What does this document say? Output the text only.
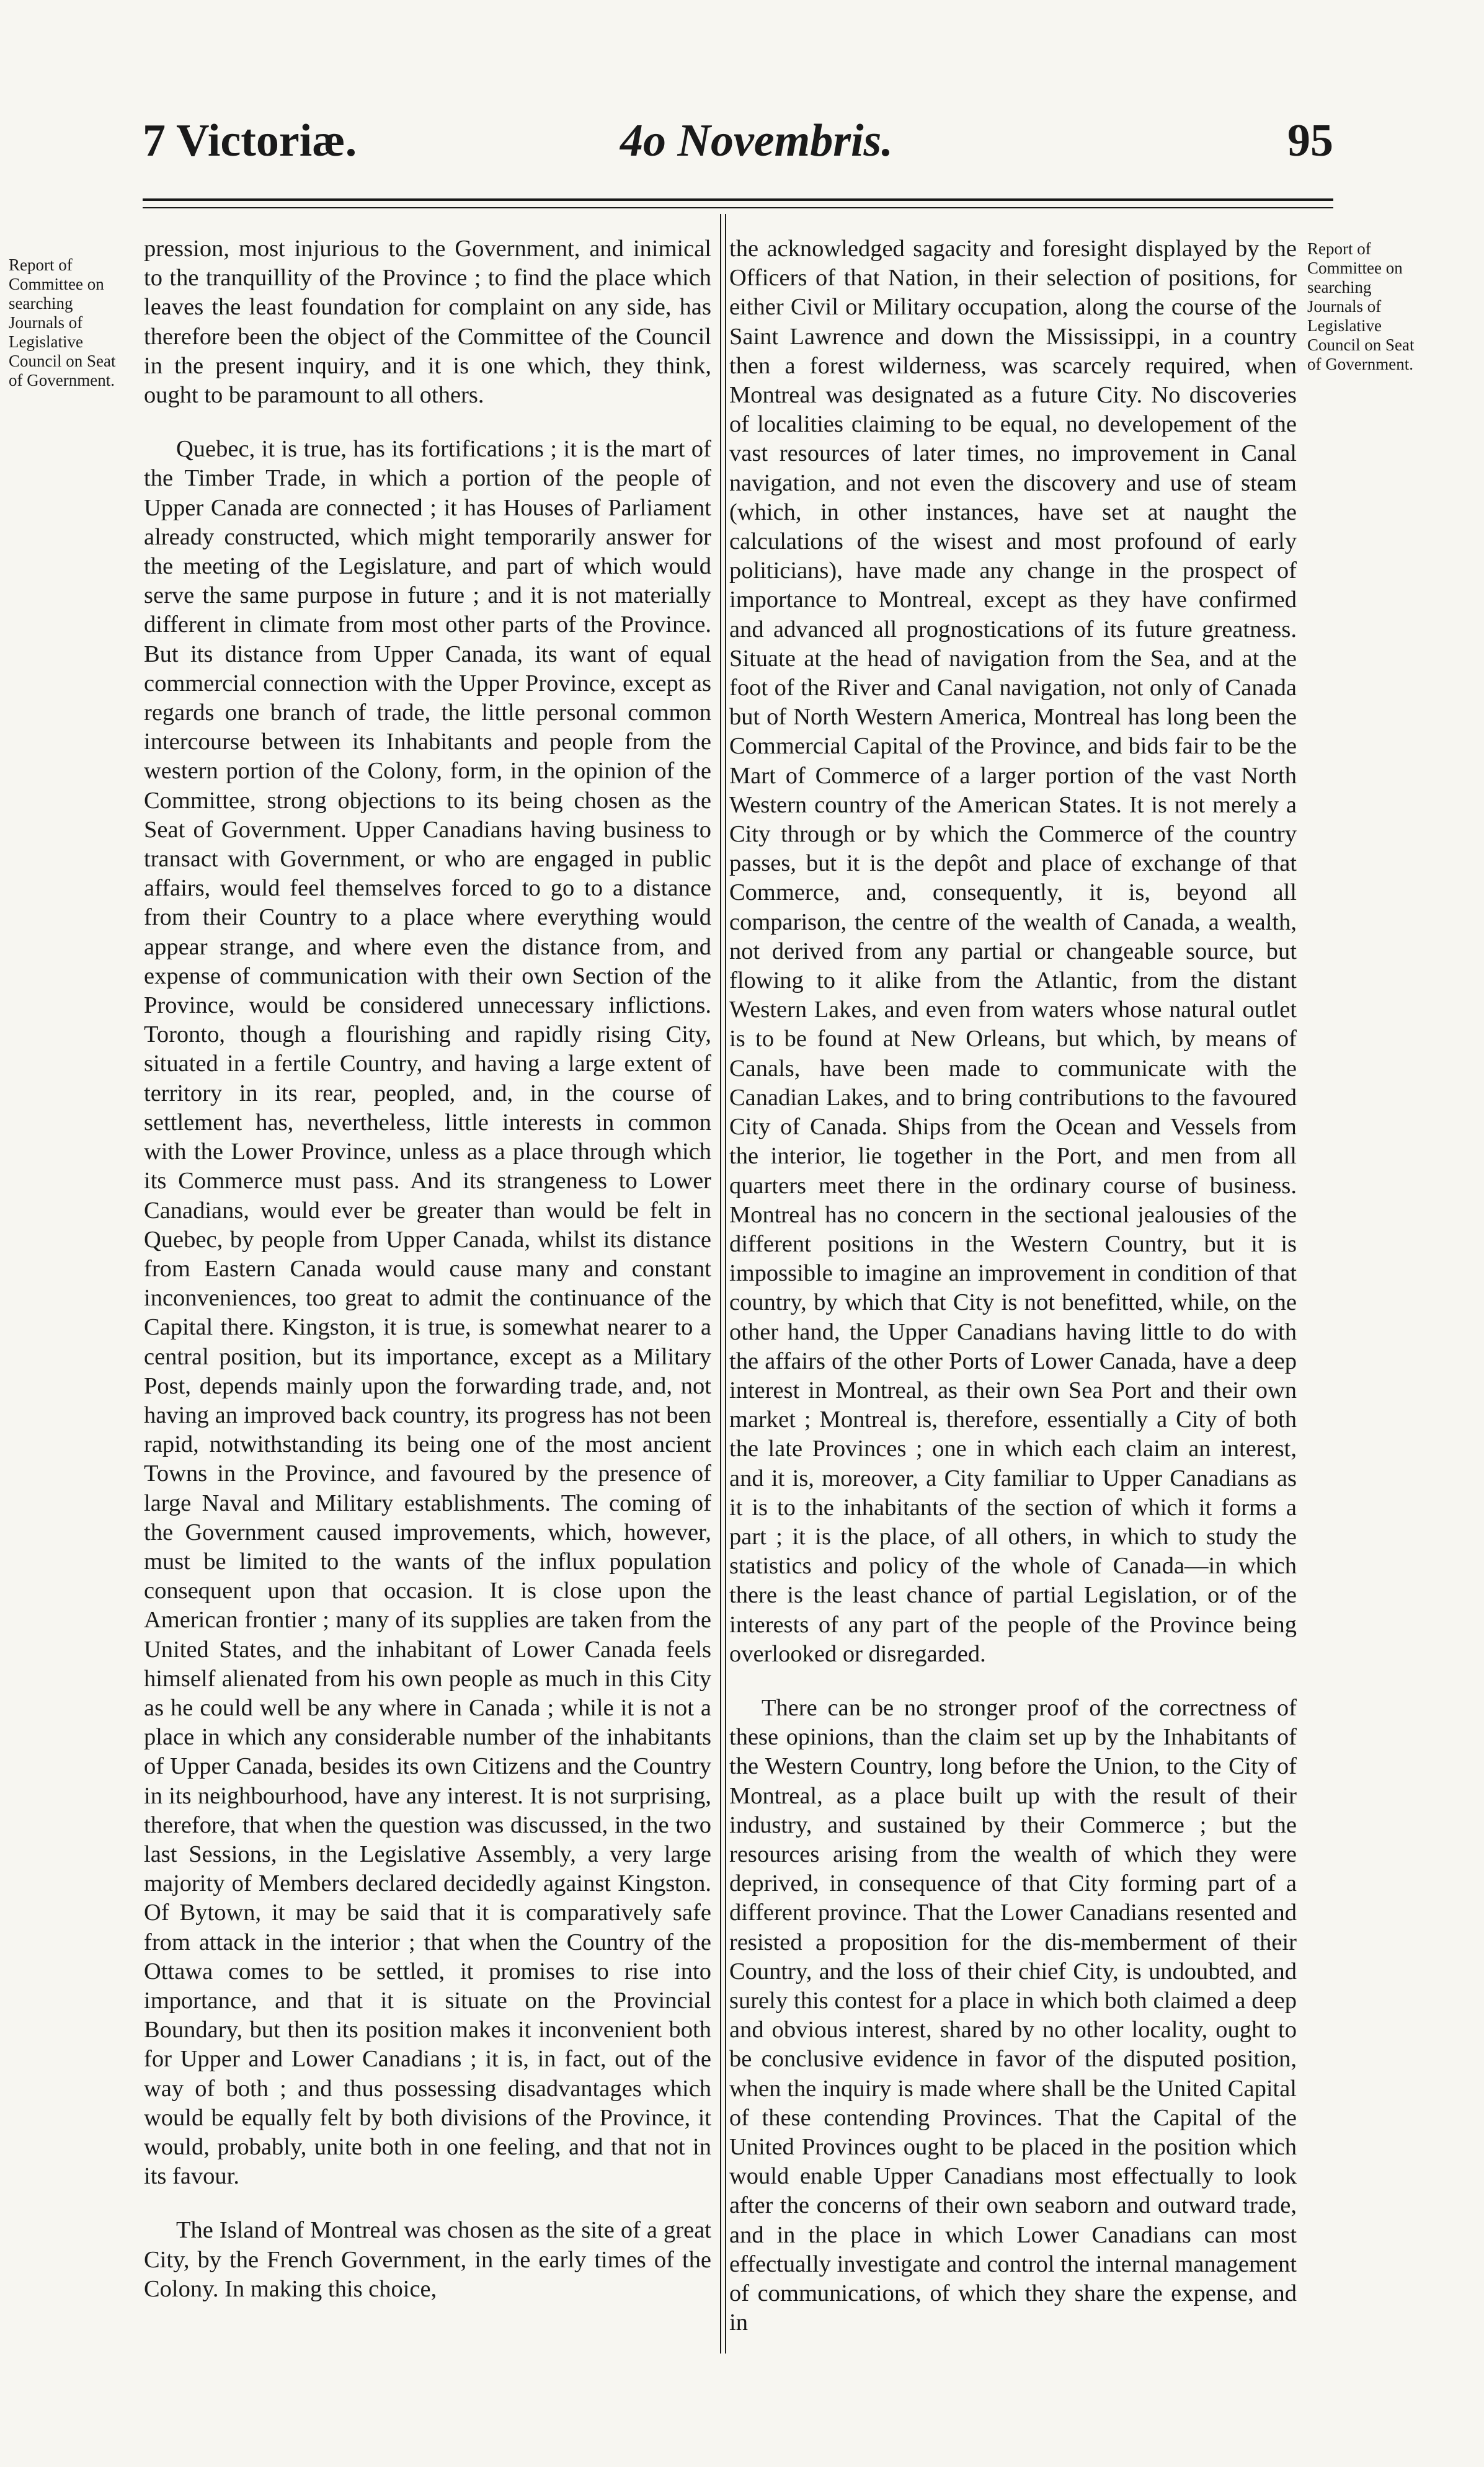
7 Victoriæ.	4o Novembris.	95
Report of Committee on searching Journals of Legislative Council on Seat of Government.
Report of Committee on searching Journals of Legislative Council on Seat of Government.

pression, most injurious to the Government, and inimical to the tranquillity of the Province ; to find the place which leaves the least foundation for complaint on any side, has therefore been the object of the Committee of the Council in the present inquiry, and it is one which, they think, ought to be paramount to all others.

Quebec, it is true, has its fortifications ; it is the mart of the Timber Trade, in which a portion of the people of Upper Canada are connected ; it has Houses of Parliament already constructed, which might temporarily answer for the meeting of the Legislature, and part of which would serve the same purpose in future ; and it is not materially different in climate from most other parts of the Province. But its distance from Upper Canada, its want of equal commercial connection with the Upper Province, except as regards one branch of trade, the little personal common intercourse between its Inhabitants and people from the western portion of the Colony, form, in the opinion of the Committee, strong objections to its being chosen as the Seat of Government. Upper Canadians having business to transact with Government, or who are engaged in public affairs, would feel themselves forced to go to a distance from their Country to a place where everything would appear strange, and where even the distance from, and expense of communication with their own Section of the Province, would be considered unnecessary inflictions. Toronto, though a flourishing and rapidly rising City, situated in a fertile Country, and having a large extent of territory in its rear, peopled, and, in the course of settlement has, nevertheless, little interests in common with the Lower Province, unless as a place through which its Commerce must pass. And its strangeness to Lower Canadians, would ever be greater than would be felt in Quebec, by people from Upper Canada, whilst its distance from Eastern Canada would cause many and constant inconveniences, too great to admit the continuance of the Capital there. Kingston, it is true, is somewhat nearer to a central position, but its importance, except as a Military Post, depends mainly upon the forwarding trade, and, not having an improved back country, its progress has not been rapid, notwithstanding its being one of the most ancient Towns in the Province, and favoured by the presence of large Naval and Military establishments. The coming of the Government caused improvements, which, however, must be limited to the wants of the influx population consequent upon that occasion. It is close upon the American frontier ; many of its supplies are taken from the United States, and the inhabitant of Lower Canada feels himself alienated from his own people as much in this City as he could well be any where in Canada ; while it is not a place in which any considerable number of the inhabitants of Upper Canada, besides its own Citizens and the Country in its neighbourhood, have any interest. It is not surprising, therefore, that when the question was discussed, in the two last Sessions, in the Legislative Assembly, a very large majority of Members declared decidedly against Kingston. Of Bytown, it may be said that it is comparatively safe from attack in the interior ; that when the Country of the Ottawa comes to be settled, it promises to rise into importance, and that it is situate on the Provincial Boundary, but then its position makes it inconvenient both for Upper and Lower Canadians ; it is, in fact, out of the way of both ; and thus possessing disadvantages which would be equally felt by both divisions of the Province, it would, probably, unite both in one feeling, and that not in its favour.

The Island of Montreal was chosen as the site of a great City, by the French Government, in the early times of the Colony. In making this choice,

the acknowledged sagacity and foresight displayed by the Officers of that Nation, in their selection of positions, for either Civil or Military occupation, along the course of the Saint Lawrence and down the Mississippi, in a country then a forest wilderness, was scarcely required, when Montreal was designated as a future City. No discoveries of localities claiming to be equal, no developement of the vast resources of later times, no improvement in Canal navigation, and not even the discovery and use of steam (which, in other instances, have set at naught the calculations of the wisest and most profound of early politicians), have made any change in the prospect of importance to Montreal, except as they have confirmed and advanced all prognostications of its future greatness. Situate at the head of navigation from the Sea, and at the foot of the River and Canal navigation, not only of Canada but of North Western America, Montreal has long been the Commercial Capital of the Province, and bids fair to be the Mart of Commerce of a larger portion of the vast North Western country of the American States. It is not merely a City through or by which the Commerce of the country passes, but it is the depôt and place of exchange of that Commerce, and, consequently, it is, beyond all comparison, the centre of the wealth of Canada, a wealth, not derived from any partial or changeable source, but flowing to it alike from the Atlantic, from the distant Western Lakes, and even from waters whose natural outlet is to be found at New Orleans, but which, by means of Canals, have been made to communicate with the Canadian Lakes, and to bring contributions to the favoured City of Canada. Ships from the Ocean and Vessels from the interior, lie together in the Port, and men from all quarters meet there in the ordinary course of business. Montreal has no concern in the sectional jealousies of the different positions in the Western Country, but it is impossible to imagine an improvement in condition of that country, by which that City is not benefitted, while, on the other hand, the Upper Canadians having little to do with the affairs of the other Ports of Lower Canada, have a deep interest in Montreal, as their own Sea Port and their own market ; Montreal is, therefore, essentially a City of both the late Provinces ; one in which each claim an interest, and it is, moreover, a City familiar to Upper Canadians as it is to the inhabitants of the section of which it forms a part ; it is the place, of all others, in which to study the statistics and policy of the whole of Canada—in which there is the least chance of partial Legislation, or of the interests of any part of the people of the Province being overlooked or disregarded.

There can be no stronger proof of the correctness of these opinions, than the claim set up by the Inhabitants of the Western Country, long before the Union, to the City of Montreal, as a place built up with the result of their industry, and sustained by their Commerce ; but the resources arising from the wealth of which they were deprived, in consequence of that City forming part of a different province. That the Lower Canadians resented and resisted a proposition for the dis-memberment of their Country, and the loss of their chief City, is undoubted, and surely this contest for a place in which both claimed a deep and obvious interest, shared by no other locality, ought to be conclusive evidence in favor of the disputed position, when the inquiry is made where shall be the United Capital of these contending Provinces. That the Capital of the United Provinces ought to be placed in the position which would enable Upper Canadians most effectually to look after the concerns of their own seaborn and outward trade, and in the place in which Lower Canadians can most effectually investigate and control the internal management of communications, of which they share the expense, and in
